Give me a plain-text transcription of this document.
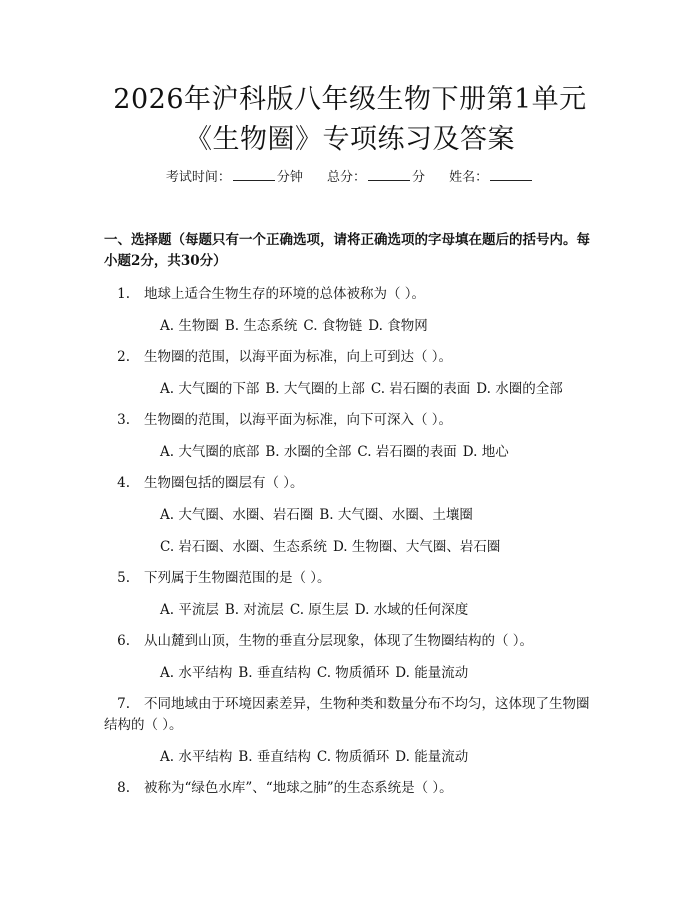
2026年沪科版八年级生物下册第1单元《生物圈》专项练习及答案
考试时间：	分钟 总分：	分 姓名：
一、选择题（每题只有一个正确选项，请将正确选项的字母填在题后的括号内。每小题2分，共30分）
1. 地球上适合生物生存的环境的总体被称为（ ）。
A. 生物圈 B. 生态系统 C. 食物链 D. 食物网
2. 生物圈的范围，以海平面为标准，向上可到达（ ）。
A. 大气圈的下部 B. 大气圈的上部 C. 岩石圈的表面 D. 水圈的全部
3. 生物圈的范围，以海平面为标准，向下可深入（ ）。
A. 大气圈的底部 B. 水圈的全部 C. 岩石圈的表面 D. 地心
4. 生物圈包括的圈层有（ ）。
A. 大气圈、水圈、岩石圈 B. 大气圈、水圈、土壤圈
C. 岩石圈、水圈、生态系统 D. 生物圈、大气圈、岩石圈
5. 下列属于生物圈范围的是（ ）。
A. 平流层 B. 对流层 C. 原生层 D. 水域的任何深度
6. 从山麓到山顶，生物的垂直分层现象，体现了生物圈结构的（ ）。
A. 水平结构 B. 垂直结构 C. 物质循环 D. 能量流动
7. 不同地域由于环境因素差异，生物种类和数量分布不均匀，这体现了生物圈结构的（ ）。
A. 水平结构 B. 垂直结构 C. 物质循环 D. 能量流动
8. 被称为“绿色水库”、“地球之肺”的生态系统是（ ）。
